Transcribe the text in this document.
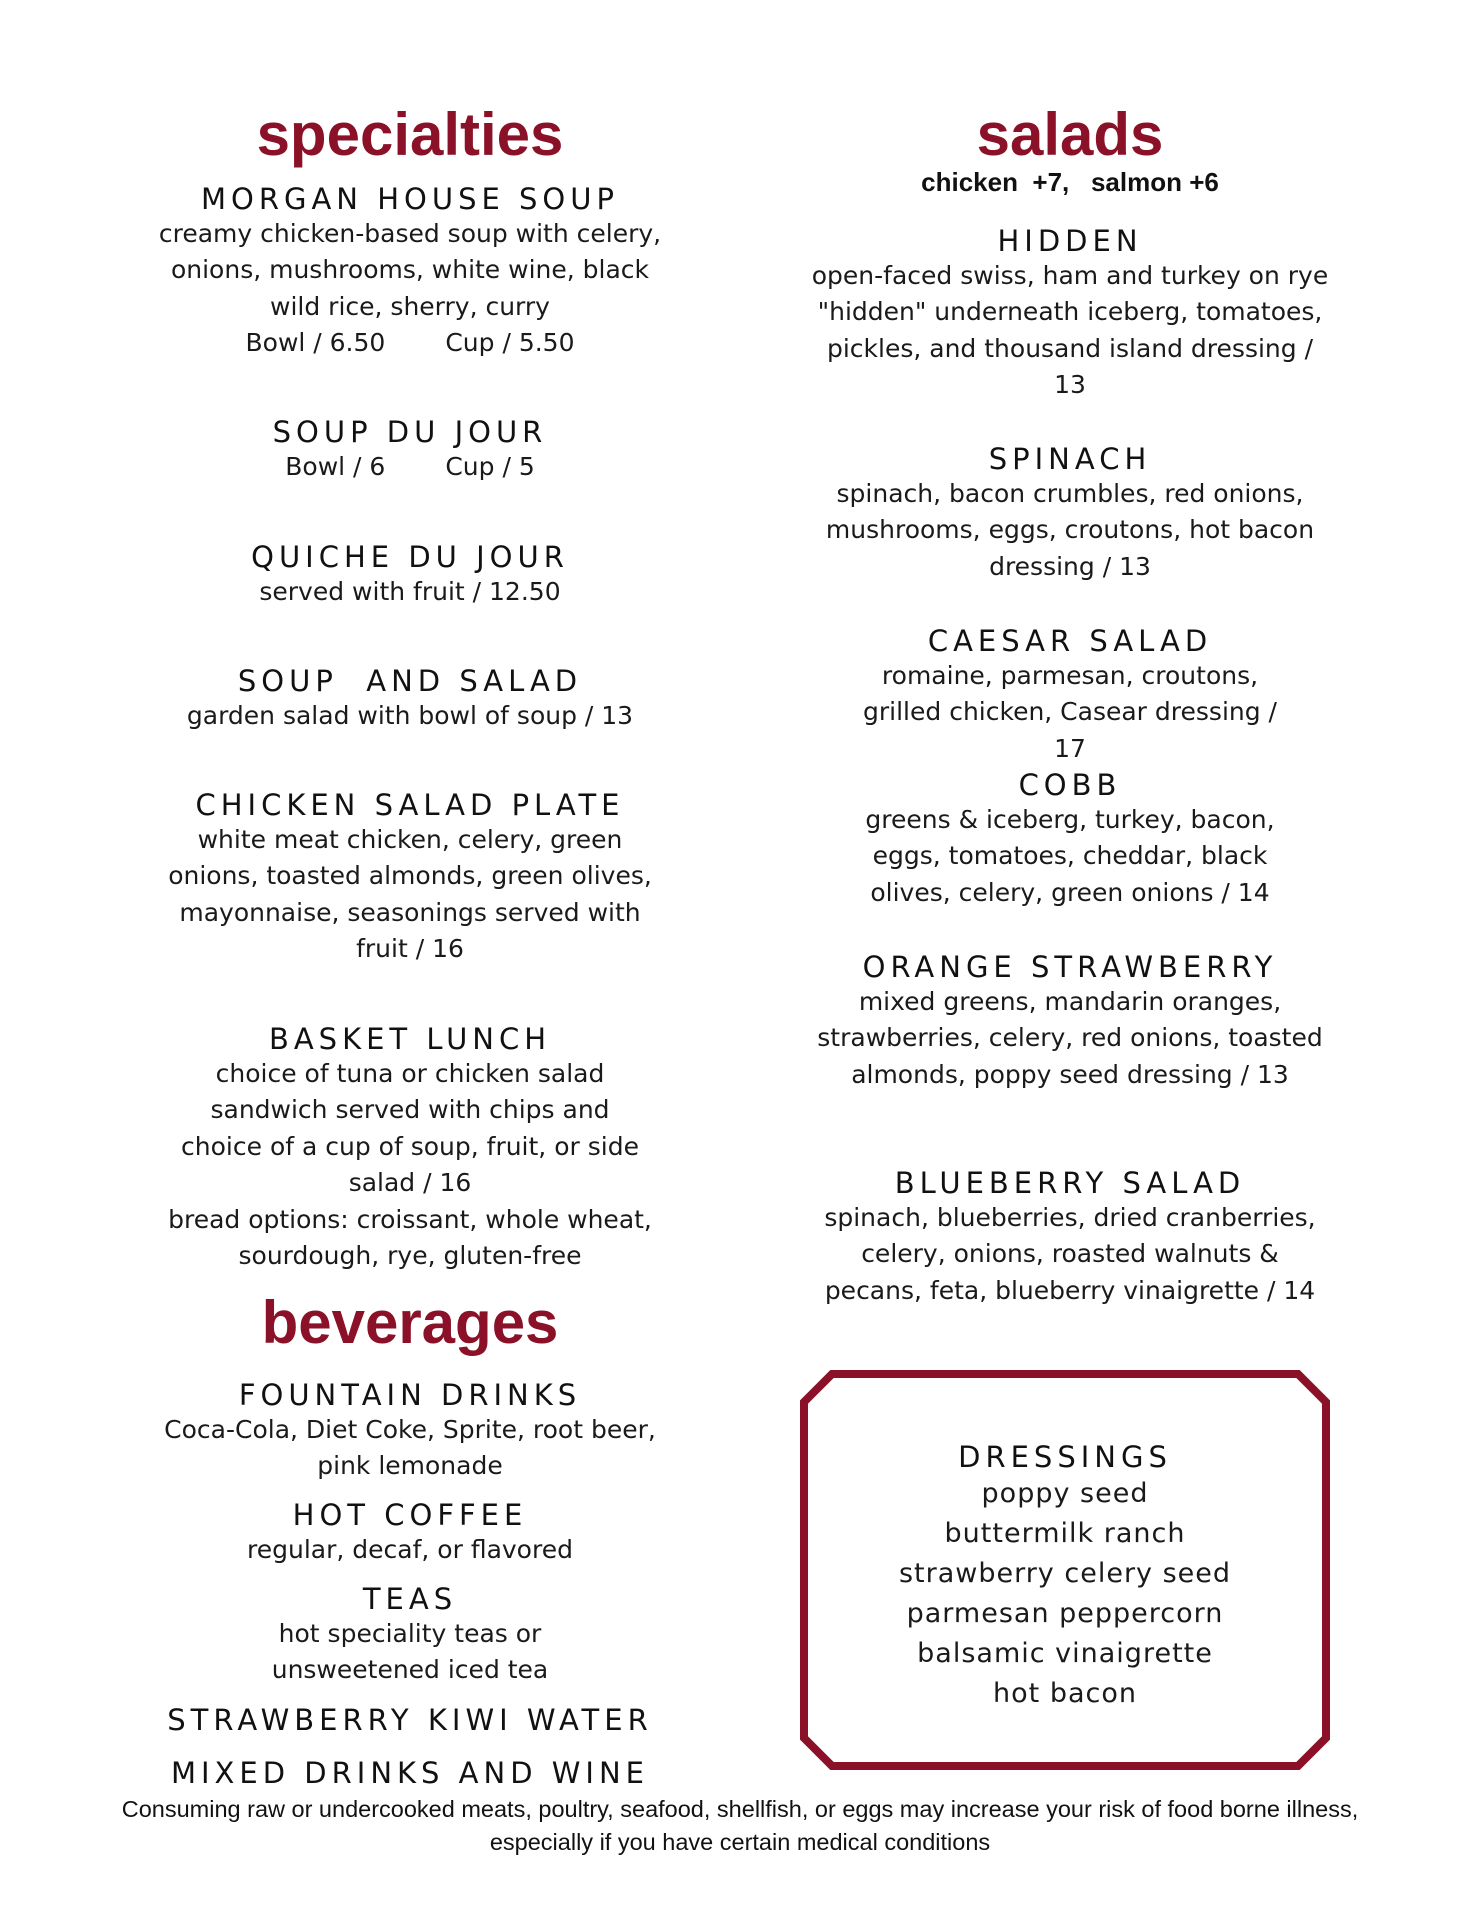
specialties
MORGAN HOUSE SOUP
creamy chicken-based soup with celery, onions, mushrooms, white wine, black wild rice, sherry, curry
Bowl / 6.50 Cup / 5.50
SOUP DU JOUR
Bowl / 6 Cup / 5
QUICHE DU JOUR
served with fruit / 12.50
SOUP  AND SALAD
garden salad with bowl of soup / 13
CHICKEN SALAD PLATE
white meat chicken, celery, green onions, toasted almonds, green olives, mayonnaise, seasonings served with fruit / 16
BASKET LUNCH
choice of tuna or chicken salad sandwich served with chips and choice of a cup of soup, fruit, or side salad / 16
bread options: croissant, whole wheat, sourdough, rye, gluten-free
beverages
FOUNTAIN DRINKS
Coca-Cola, Diet Coke, Sprite, root beer, pink lemonade
HOT COFFEE
regular, decaf, or flavored
TEAS
hot speciality teas or unsweetened iced tea
STRAWBERRY KIWI WATER
MIXED DRINKS AND WINE
salads
chicken  +7,   salmon +6
HIDDEN
open-faced swiss, ham and turkey on rye "hidden" underneath iceberg, tomatoes, pickles, and thousand island dressing / 13
SPINACH
spinach, bacon crumbles, red onions, mushrooms, eggs, croutons, hot bacon dressing / 13
CAESAR SALAD
romaine, parmesan, croutons, grilled chicken, Casear dressing / 17
COBB
greens & iceberg, turkey, bacon, eggs, tomatoes, cheddar, black olives, celery, green onions / 14
ORANGE STRAWBERRY
mixed greens, mandarin oranges, strawberries, celery, red onions, toasted almonds, poppy seed dressing / 13
BLUEBERRY SALAD
spinach, blueberries, dried cranberries, celery, onions, roasted walnuts & pecans, feta, blueberry vinaigrette / 14
DRESSINGS
poppy seed
buttermilk ranch
strawberry celery seed
parmesan peppercorn
balsamic vinaigrette
hot bacon
Consuming raw or undercooked meats, poultry, seafood, shellfish, or eggs may increase your risk of food borne illness, especially if you have certain medical conditions
